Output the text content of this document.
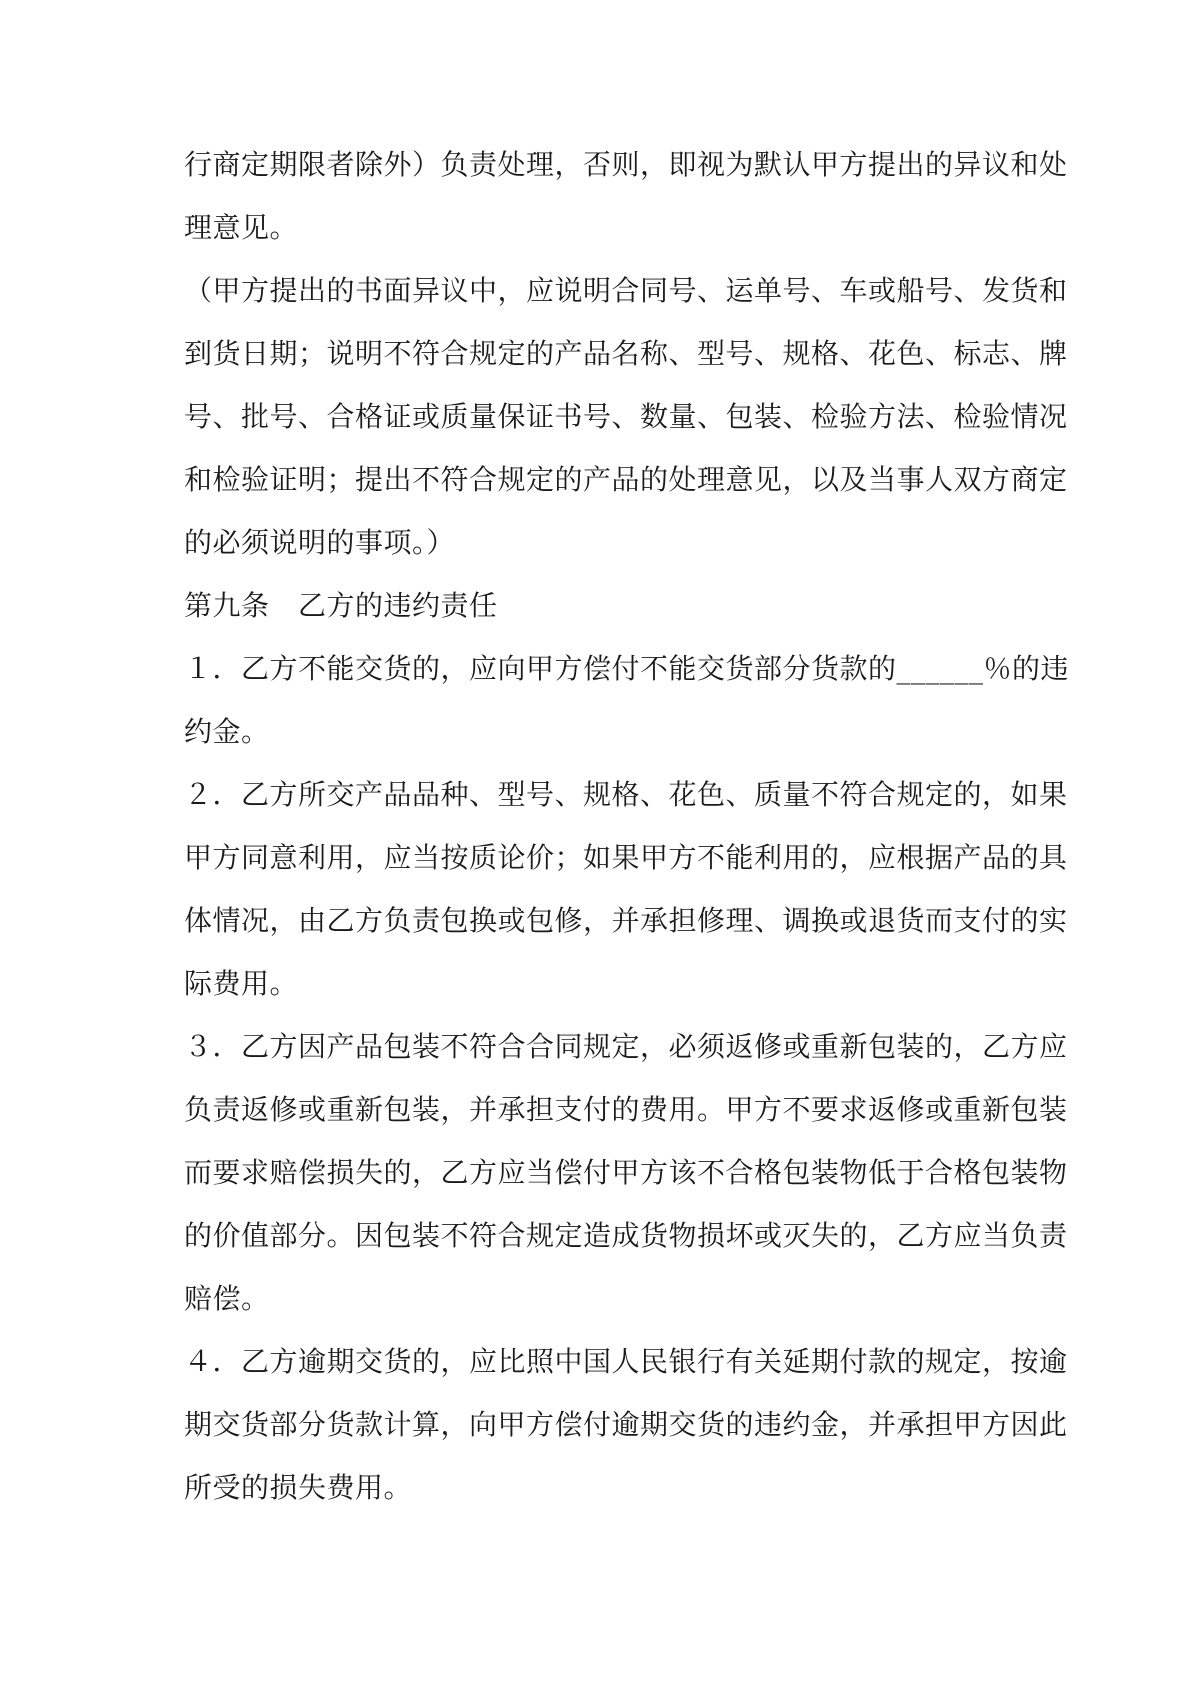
行商定期限者除外）负责处理，否则，即视为默认甲方提出的异议和处
理意见。
（甲方提出的书面异议中，应说明合同号、运单号、车或船号、发货和
到货日期；说明不符合规定的产品名称、型号、规格、花色、标志、牌
号、批号、合格证或质量保证书号、数量、包装、检验方法、检验情况
和检验证明；提出不符合规定的产品的处理意见，以及当事人双方商定
的必须说明的事项。）
第九条　乙方的违约责任
１．乙方不能交货的，应向甲方偿付不能交货部分货款的______％的违
约金。
２．乙方所交产品品种、型号、规格、花色、质量不符合规定的，如果
甲方同意利用，应当按质论价；如果甲方不能利用的，应根据产品的具
体情况，由乙方负责包换或包修，并承担修理、调换或退货而支付的实
际费用。
３．乙方因产品包装不符合合同规定，必须返修或重新包装的，乙方应
负责返修或重新包装，并承担支付的费用。甲方不要求返修或重新包装
而要求赔偿损失的，乙方应当偿付甲方该不合格包装物低于合格包装物
的价值部分。因包装不符合规定造成货物损坏或灭失的，乙方应当负责
赔偿。
４．乙方逾期交货的，应比照中国人民银行有关延期付款的规定，按逾
期交货部分货款计算，向甲方偿付逾期交货的违约金，并承担甲方因此
所受的损失费用。
